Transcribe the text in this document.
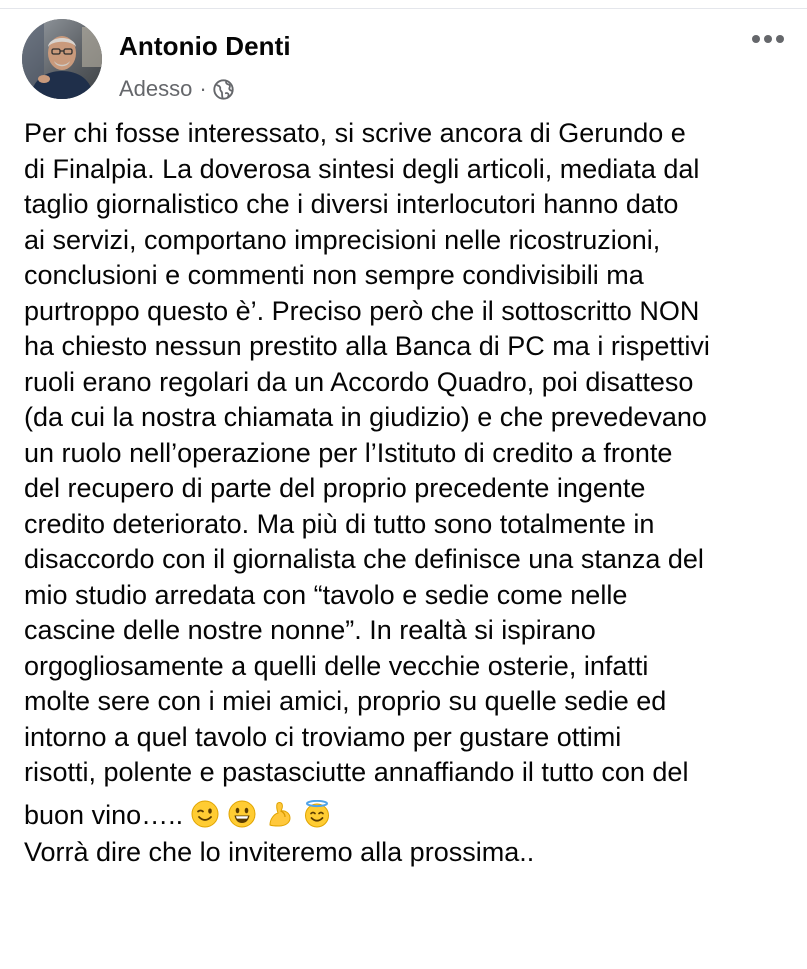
Antonio Denti
Adesso ·
Per chi fosse interessato, si scrive ancora di Gerundo e
di Finalpia. La doverosa sintesi degli articoli, mediata dal
taglio giornalistico che i diversi interlocutori hanno dato
ai servizi, comportano imprecisioni nelle ricostruzioni,
conclusioni e commenti non sempre condivisibili ma
purtroppo questo è’. Preciso però che il sottoscritto NON
ha chiesto nessun prestito alla Banca di PC ma i rispettivi
ruoli erano regolari da un Accordo Quadro, poi disatteso
(da cui la nostra chiamata in giudizio) e che prevedevano
un ruolo nell’operazione per l’Istituto di credito a fronte
del recupero di parte del proprio precedente ingente
credito deteriorato. Ma più di tutto sono totalmente in
disaccordo con il giornalista che definisce una stanza del
mio studio arredata con “tavolo e sedie come nelle
cascine delle nostre nonne”. In realtà si ispirano
orgogliosamente a quelli delle vecchie osterie, infatti
molte sere con i miei amici, proprio su quelle sedie ed
intorno a quel tavolo ci troviamo per gustare ottimi
risotti, polente e pastasciutte annaffiando il tutto con del
buon vino…..

Vorrà dire che lo inviteremo alla prossima..
